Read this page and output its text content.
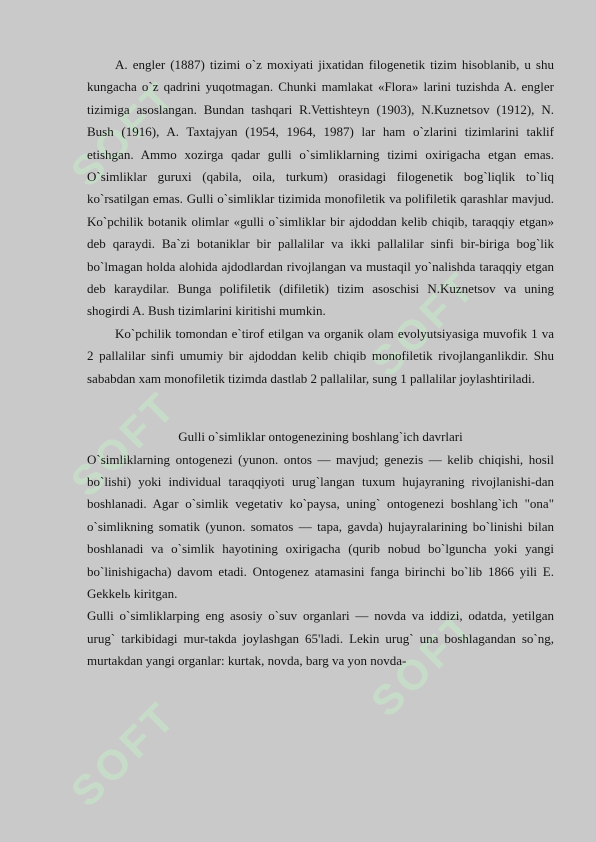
SOFT
SOFT
SOFT
SOFT
SOFT

A. engler (1887) tizimi o`z moxiyati jixatidan filogenetik tizim hisoblanib, u shu kungacha o`z qadrini yuqotmagan. Chunki mamlakat «Flora» larini tuzishda A. engler tizimiga asoslangan. Bundan tashqari R.Vettishteyn (1903), N.Kuznetsov (1912), N. Bush (1916), A. Taxtajyan (1954, 1964, 1987) lar ham o`zlarini tizimlarini taklif etishgan. Ammo xozirga qadar gulli o`simliklarning tizimi oxirigacha etgan emas. O`simliklar guruxi (qabila, oila, turkum) orasidagi filogenetik bog`liqlik to`liq ko`rsatilgan emas. Gulli o`simliklar tizimida monofiletik va polifiletik qarashlar mavjud. Ko`pchilik botanik olimlar «gulli o`simliklar bir ajdoddan kelib chiqib, taraqqiy etgan» deb qaraydi. Ba`zi botaniklar bir pallalilar va ikki pallalilar sinfi bir-biriga bog`lik bo`lmagan holda alohida ajdodlardan rivojlangan va mustaqil yo`nalishda taraqqiy etgan deb karaydilar. Bunga polifiletik (difiletik) tizim asoschisi N.Kuznetsov va uning shogirdi A. Bush tizimlarini kiritishi mumkin.

Ko`pchilik tomondan e`tirof etilgan va organik olam evolyutsiyasiga muvofik 1 va 2 pallalilar sinfi umumiy bir ajdoddan kelib chiqib monofiletik rivojlanganlikdir. Shu sababdan xam monofiletik tizimda dastlab 2 pallalilar, sung 1 pallalilar joylashtiriladi.

Gulli o`simliklar ontogenezining boshlang`ich davrlari

O`simliklarning ontogenezi (yunon. ontos — mavjud; genezis — kelib chiqishi, hosil bo`lishi) yoki individual taraqqiyoti urug`langan tuxum hujayraning rivojlanishi-dan boshlanadi. Agar o`simlik vegetativ ko`paysa, uning` ontogenezi boshlang`ich "ona" o`simlikning somatik (yunon. somatos — tapa, gavda) hujayralarining bo`linishi bilan boshlanadi va o`simlik hayotining oxirigacha (qurib nobud bo`lguncha yoki yangi bo`linishigacha) davom etadi. Ontogenez atamasini fanga birinchi bo`lib 1866 yili E. Gekkelь kiritgan.

Gulli o`simliklarping eng asosiy o`suv organlari — novda va iddizi, odatda, yetilgan urug` tarkibidagi mur-takda joylashgan 65'ladi. Lekin urug` una boshlagandan so`ng, murtakdan yangi organlar: kurtak, novda, barg va yon novda-
